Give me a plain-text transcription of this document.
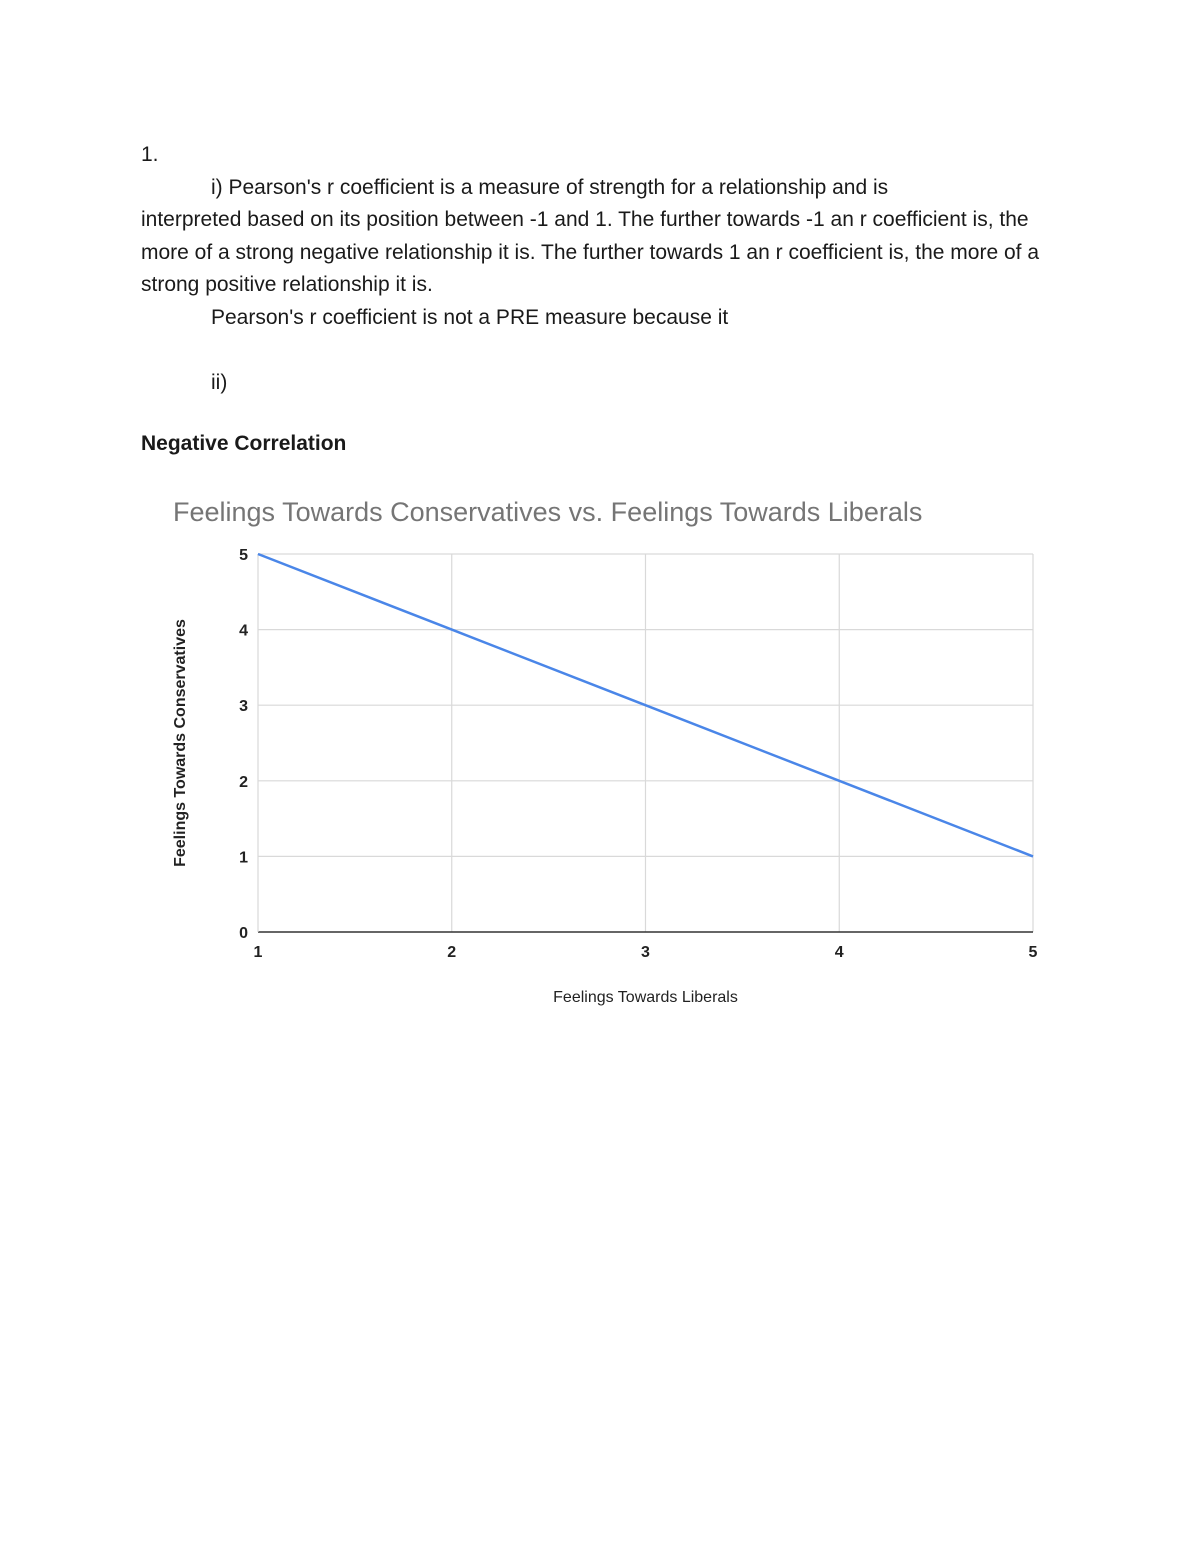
1.

i) Pearson's r coefficient is a measure of strength for a relationship and is

interpreted based on its position between -1 and 1. The further towards -1 an r coefficient is, the more of a strong negative relationship it is. The further towards 1 an r coefficient is, the more of a strong positive relationship it is.

Pearson's r coefficient is not a PRE measure because it

ii)

Negative Correlation
Feelings Towards Conservatives vs. Feelings Towards Liberals
0
1
2
3
4
5
1	2	3	4	5
Feelings Towards Liberals
Feelings Towards Conservatives
